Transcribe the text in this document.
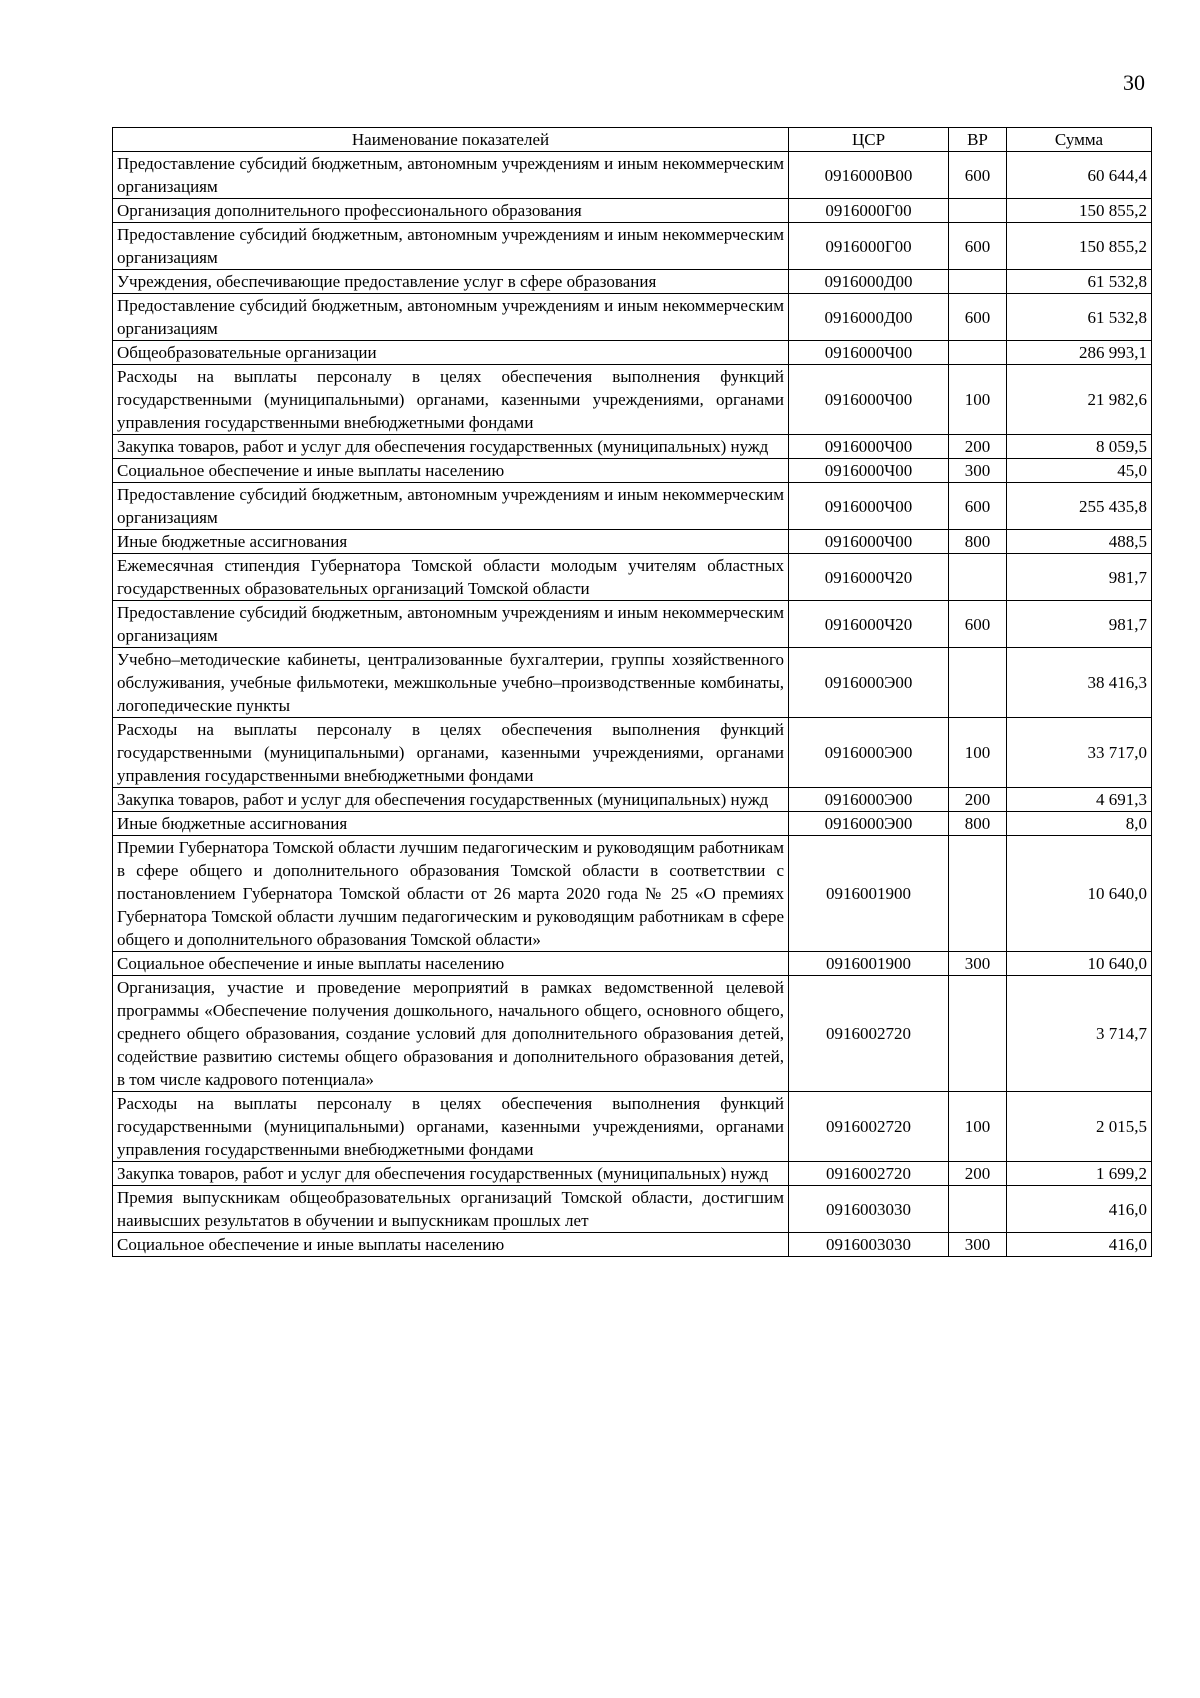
30
Наименование показателей	ЦСР	ВР	Сумма
Предоставление субсидий бюджетным, автономным учреждениям и иным некоммерческим организациям	0916000В00	600	60 644,4
Организация дополнительного профессионального образования	0916000Г00		150 855,2
Предоставление субсидий бюджетным, автономным учреждениям и иным некоммерческим организациям	0916000Г00	600	150 855,2
Учреждения, обеспечивающие предоставление услуг в сфере образования	0916000Д00		61 532,8
Предоставление субсидий бюджетным, автономным учреждениям и иным некоммерческим организациям	0916000Д00	600	61 532,8
Общеобразовательные организации	0916000Ч00		286 993,1
Расходы на выплаты персоналу в целях обеспечения выполнения функций государственными (муниципальными) органами, казенными учреждениями, органами управления государственными внебюджетными фондами	0916000Ч00	100	21 982,6
Закупка товаров, работ и услуг для обеспечения государственных (муниципальных) нужд	0916000Ч00	200	8 059,5
Социальное обеспечение и иные выплаты населению	0916000Ч00	300	45,0
Предоставление субсидий бюджетным, автономным учреждениям и иным некоммерческим организациям	0916000Ч00	600	255 435,8
Иные бюджетные ассигнования	0916000Ч00	800	488,5
Ежемесячная стипендия Губернатора Томской области молодым учителям областных государственных образовательных организаций Томской области	0916000Ч20		981,7
Предоставление субсидий бюджетным, автономным учреждениям и иным некоммерческим организациям	0916000Ч20	600	981,7
Учебно–методические кабинеты, централизованные бухгалтерии, группы хозяйственного обслуживания, учебные фильмотеки, межшкольные учебно–производственные комбинаты, логопедические пункты	0916000Э00		38 416,3
Расходы на выплаты персоналу в целях обеспечения выполнения функций государственными (муниципальными) органами, казенными учреждениями, органами управления государственными внебюджетными фондами	0916000Э00	100	33 717,0
Закупка товаров, работ и услуг для обеспечения государственных (муниципальных) нужд	0916000Э00	200	4 691,3
Иные бюджетные ассигнования	0916000Э00	800	8,0
Премии Губернатора Томской области лучшим педагогическим и руководящим работникам в сфере общего и дополнительного образования Томской области в соответствии с постановлением Губернатора Томской области от 26 марта 2020 года № 25 «О премиях Губернатора Томской области лучшим педагогическим и руководящим работникам в сфере общего и дополнительного образования Томской области»	0916001900		10 640,0
Социальное обеспечение и иные выплаты населению	0916001900	300	10 640,0
Организация, участие и проведение мероприятий в рамках ведомственной целевой программы «Обеспечение получения дошкольного, начального общего, основного общего, среднего общего образования, создание условий для дополнительного образования детей, содействие развитию системы общего образования и дополнительного образования детей, в том числе кадрового потенциала»	0916002720		3 714,7
Расходы на выплаты персоналу в целях обеспечения выполнения функций государственными (муниципальными) органами, казенными учреждениями, органами управления государственными внебюджетными фондами	0916002720	100	2 015,5
Закупка товаров, работ и услуг для обеспечения государственных (муниципальных) нужд	0916002720	200	1 699,2
Премия выпускникам общеобразовательных организаций Томской области, достигшим наивысших результатов в обучении и выпускникам прошлых лет	0916003030		416,0
Социальное обеспечение и иные выплаты населению	0916003030	300	416,0
